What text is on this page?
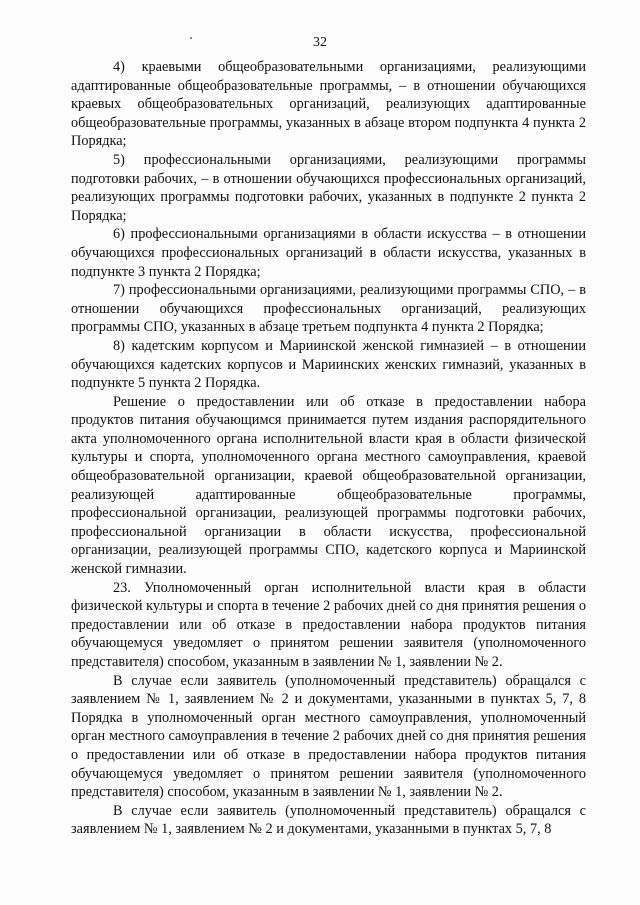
32

4) краевыми общеобразовательными организациями, реализующими адаптированные общеобразовательные программы, – в отношении обучающихся краевых общеобразовательных организаций, реализующих адаптированные общеобразовательные программы, указанных в абзаце втором подпункта 4 пункта 2 Порядка;

5) профессиональными организациями, реализующими программы подготовки рабочих, – в отношении обучающихся профессиональных организаций, реализующих программы подготовки рабочих, указанных в подпункте 2 пункта 2 Порядка;

6) профессиональными организациями в области искусства – в отношении обучающихся профессиональных организаций в области искусства, указанных в подпункте 3 пункта 2 Порядка;

7) профессиональными организациями, реализующими программы СПО, – в отношении обучающихся профессиональных организаций, реализующих программы СПО, указанных в абзаце третьем подпункта 4 пункта 2 Порядка;

8) кадетским корпусом и Мариинской женской гимназией – в отношении обучающихся кадетских корпусов и Мариинских женских гимназий, указанных в подпункте 5 пункта 2 Порядка.

Решение о предоставлении или об отказе в предоставлении набора продуктов питания обучающимся принимается путем издания распорядительного акта уполномоченного органа исполнительной власти края в области физической культуры и спорта, уполномоченного органа местного самоуправления, краевой общеобразовательной организации, краевой общеобразовательной организации, реализующей адаптированные общеобразовательные программы, профессиональной организации, реализующей программы подготовки рабочих, профессиональной организации в области искусства, профессиональной организации, реализующей программы СПО, кадетского корпуса и Мариинской женской гимназии.

23. Уполномоченный орган исполнительной власти края в области физической культуры и спорта в течение 2 рабочих дней со дня принятия решения о предоставлении или об отказе в предоставлении набора продуктов питания обучающемуся уведомляет о принятом решении заявителя (уполномоченного представителя) способом, указанным в заявлении № 1, заявлении № 2.

В случае если заявитель (уполномоченный представитель) обращался с заявлением № 1, заявлением № 2 и документами, указанными в пунктах 5, 7, 8 Порядка в уполномоченный орган местного самоуправления, уполномоченный орган местного самоуправления в течение 2 рабочих дней со дня принятия решения о предоставлении или об отказе в предоставлении набора продуктов питания обучающемуся уведомляет о принятом решении заявителя (уполномоченного представителя) способом, указанным в заявлении № 1, заявлении № 2.

В случае если заявитель (уполномоченный представитель) обращался с заявлением № 1, заявлением № 2 и документами, указанными в пунктах 5, 7, 8
